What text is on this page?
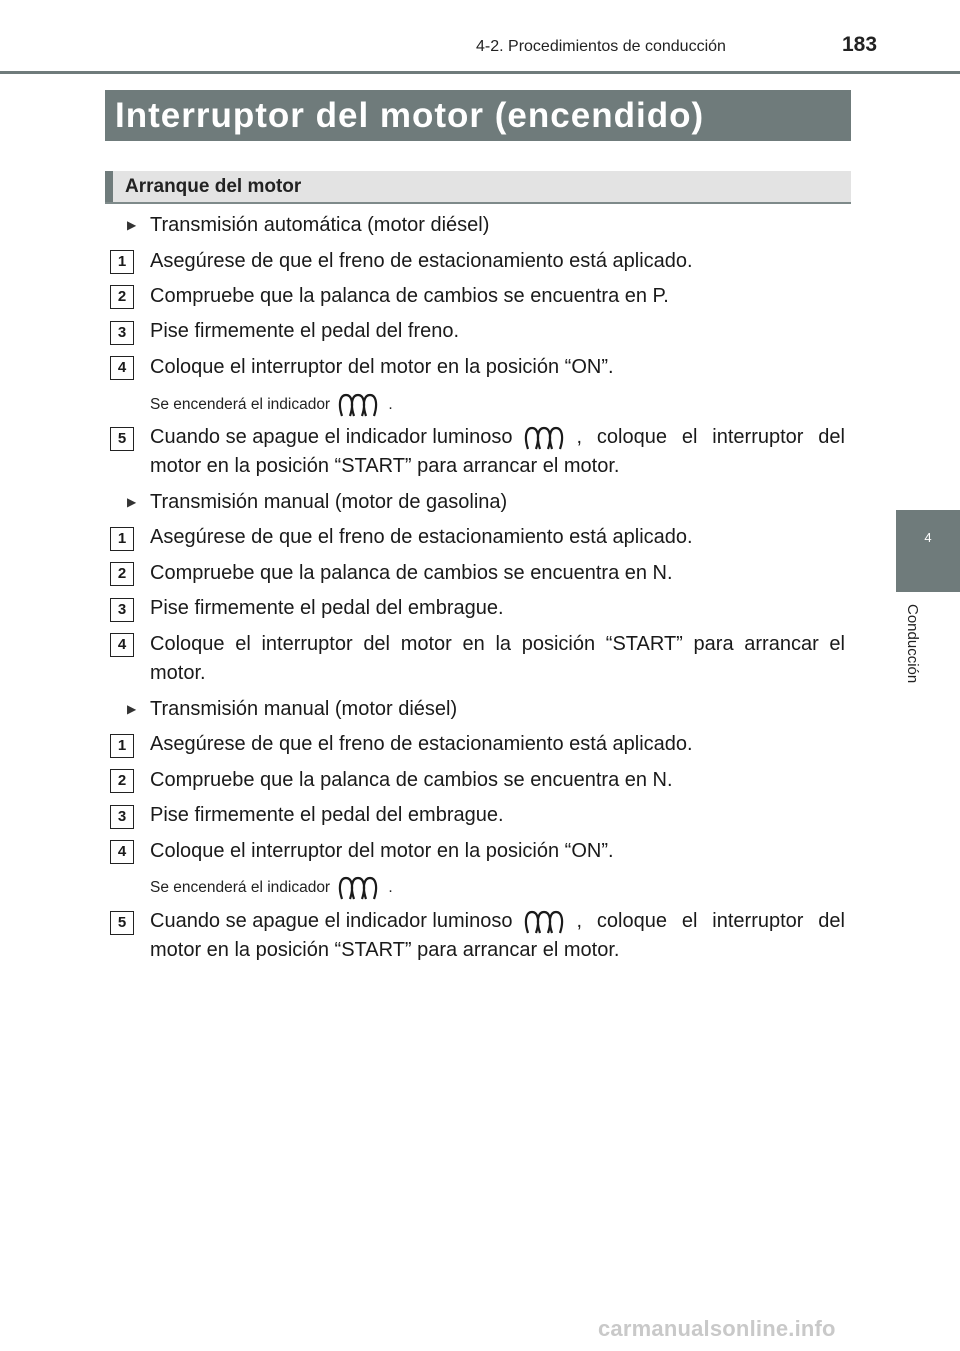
4-2. Procedimientos de conducción	183
Interruptor del motor (encendido)
Arranque del motor
4
Conducción
▶ Transmisión automática (motor diésel)
1	Asegúrese de que el freno de estacionamiento está aplicado.
2	Compruebe que la palanca de cambios se encuentra en P.
3	Pise firmemente el pedal del freno.
4	Coloque el interruptor del motor en la posición “ON”.
Se encenderá el indicador	.
5	Cuando se apague el indicador luminoso	, coloque el interruptor del
motor en la posición “START” para arrancar el motor.
▶ Transmisión manual (motor de gasolina)
1	Asegúrese de que el freno de estacionamiento está aplicado.
2	Compruebe que la palanca de cambios se encuentra en N.
3	Pise firmemente el pedal del embrague.
4	Coloque el interruptor del motor en la posición “START” para arrancar el
motor.
▶ Transmisión manual (motor diésel)
1	Asegúrese de que el freno de estacionamiento está aplicado.
2	Compruebe que la palanca de cambios se encuentra en N.
3	Pise firmemente el pedal del embrague.
4	Coloque el interruptor del motor en la posición “ON”.
Se encenderá el indicador	.
5	Cuando se apague el indicador luminoso	, coloque el interruptor del
motor en la posición “START” para arrancar el motor.
carmanualsonline.info
